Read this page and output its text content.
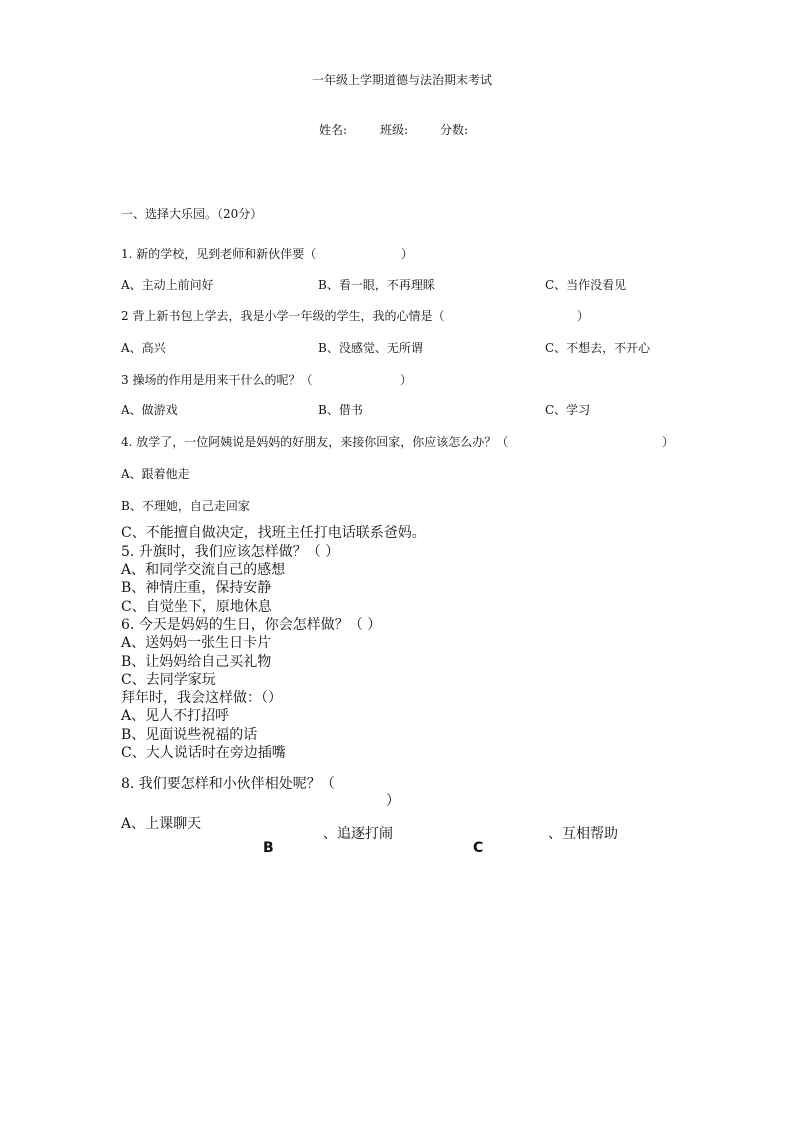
一年级上学期道德与法治期末考试
姓名:	班级:	分数:
一、选择大乐园。（20分）
1. 新的学校，见到老师和新伙伴要（	）
A、主动上前问好	B、看一眼，不再理睬	C、当作没看见
2 背上新书包上学去，我是小学一年级的学生，我的心情是（	）
A、高兴	B、没感觉、无所谓	C、不想去，不开心
3 操场的作用是用来干什么的呢？（	）
A、做游戏	B、借书	C、学习
4. 放学了，一位阿姨说是妈妈的好朋友，来接你回家，你应该怎么办？（	）
A、跟着他走
B、不理她，自己走回家
C、不能擅自做决定，找班主任打电话联系爸妈。
5. 升旗时，我们应该怎样做？（ ）
A、和同学交流自己的感想
B、神情庄重，保持安静
C、自觉坐下，原地休息
6. 今天是妈妈的生日，你会怎样做？（ ）
A、送妈妈一张生日卡片
B、让妈妈给自己买礼物
C、去同学家玩
拜年时，我会这样做：（）
A、见人不打招呼
B、见面说些祝福的话
C、大人说话时在旁边插嘴
8. 我们要怎样和小伙伴相处呢？（
）
A、上课聊天
、追逐打闹	、互相帮助
B	C
